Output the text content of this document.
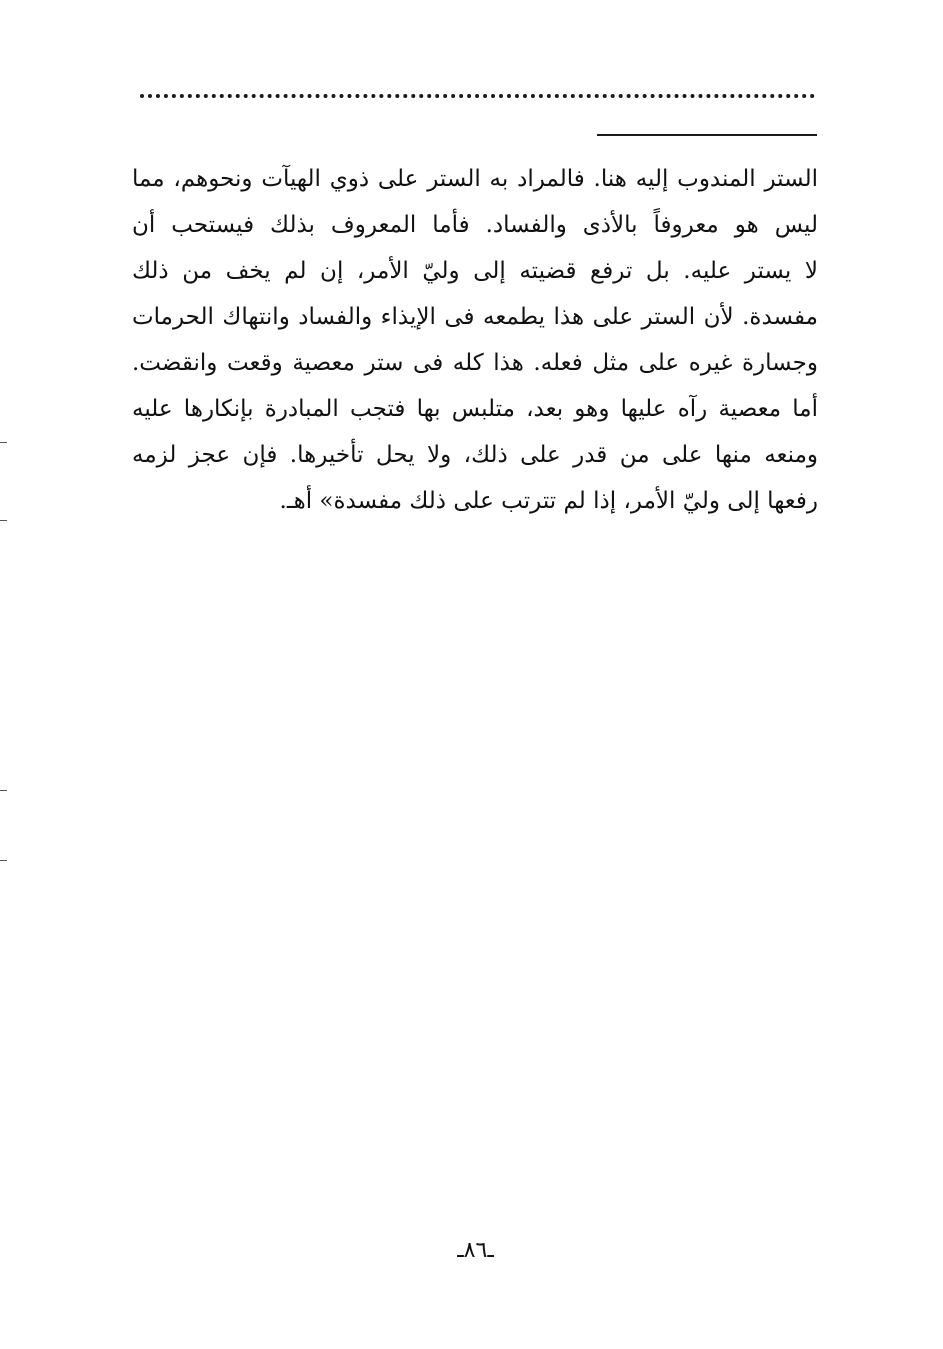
الستر المندوب إليه هنا. فالمراد به الستر على ذوي الهيآت ونحوهم، مما
ليس هو معروفاً بالأذى والفساد. فأما المعروف بذلك فيستحب أن
لا يستر عليه. بل ترفع قضيته إلى وليّ الأمر، إن لم يخف من ذلك
مفسدة. لأن الستر على هذا يطمعه فى الإيذاء والفساد وانتهاك الحرمات
وجسارة غيره على مثل فعله. هذا كله فى ستر معصية وقعت وانقضت.
أما معصية رآه عليها وهو بعد، متلبس بها فتجب المبادرة بإنكارها عليه
ومنعه منها على من قدر على ذلك، ولا يحل تأخيرها. فإن عجز لزمه
رفعها إلى وليّ الأمر، إذا لم تترتب على ذلك مفسدة» أهـ.
ـ٨٦ـ
